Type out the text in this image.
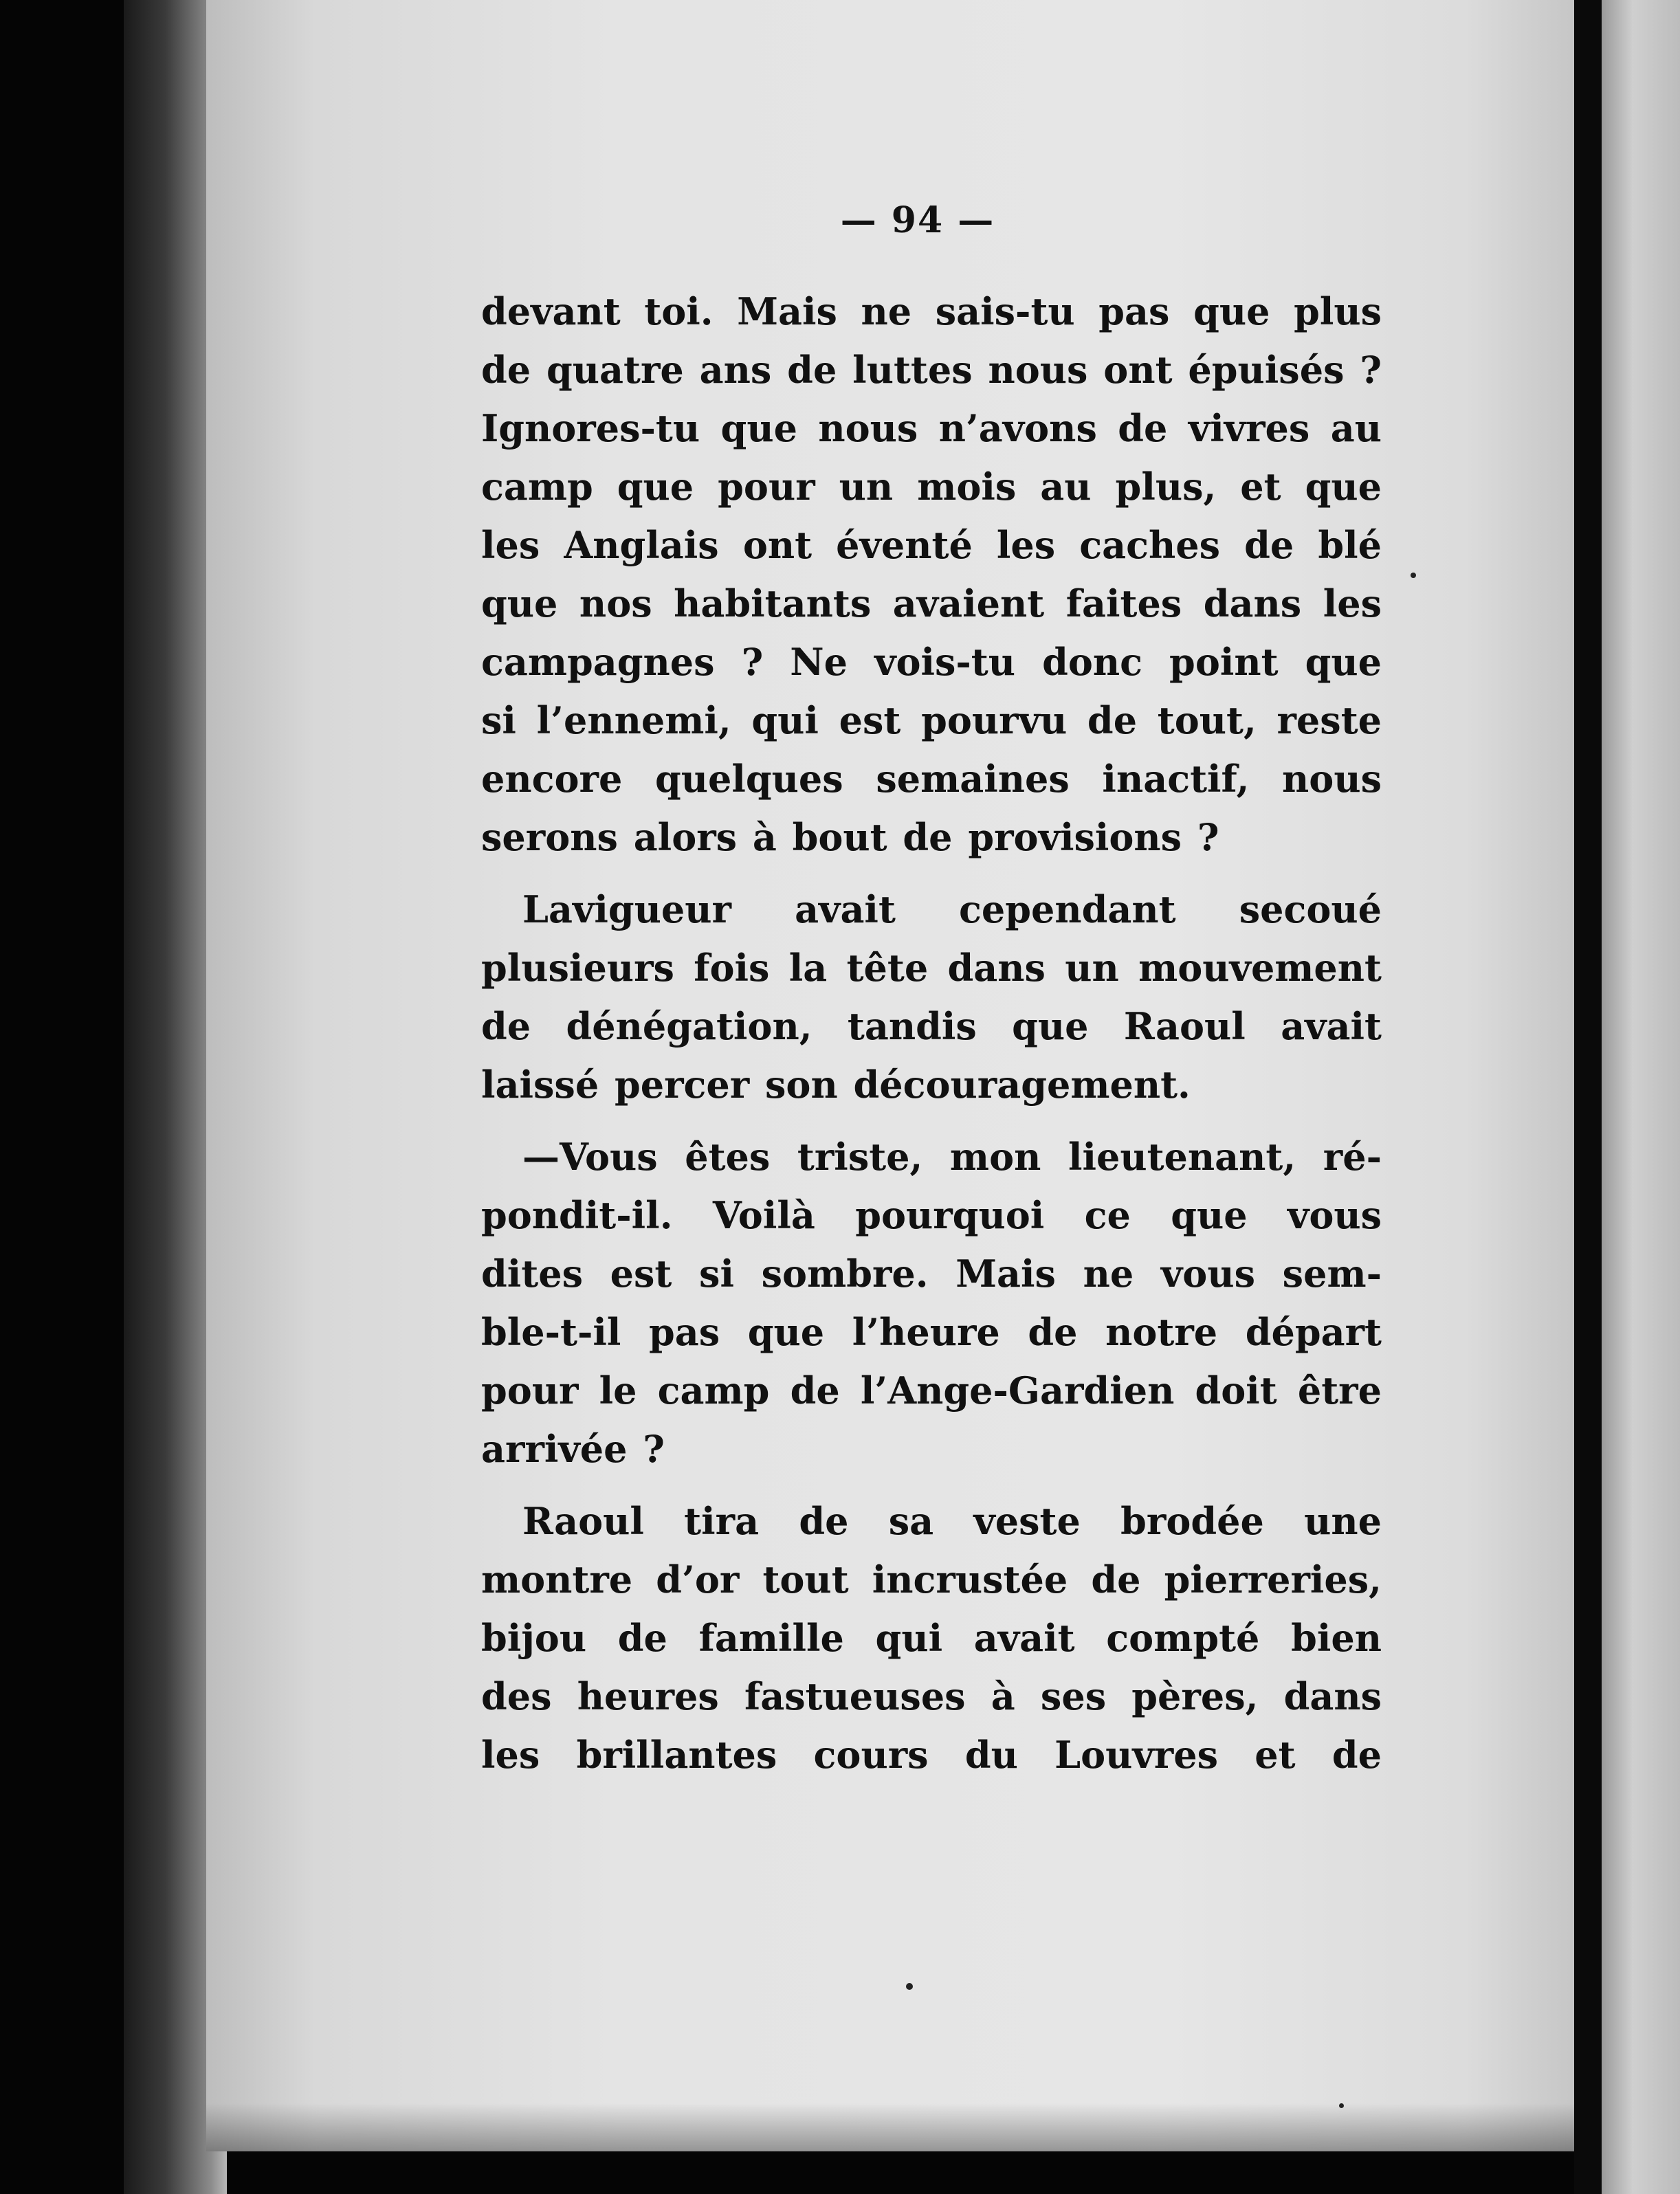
— 94 —

devant toi. Mais ne sais-tu pas que plus
de quatre ans de luttes nous ont épuisés ?
Ignores-tu que nous n’avons de vivres au
camp que pour un mois au plus, et que
les Anglais ont éventé les caches de blé
que nos habitants avaient faites dans les
campagnes ? Ne vois-tu donc point que
si l’ennemi, qui est pourvu de tout, reste
encore quelques semaines inactif, nous
serons alors à bout de provisions ?

Lavigueur avait cependant secoué
plusieurs fois la tête dans un mouvement
de dénégation, tandis que Raoul avait
laissé percer son découragement.

—Vous êtes triste, mon lieutenant, ré-
pondit-il. Voilà pourquoi ce que vous
dites est si sombre. Mais ne vous sem-
ble-t-il pas que l’heure de notre départ
pour le camp de l’Ange-Gardien doit être
arrivée ?

Raoul tira de sa veste brodée une
montre d’or tout incrustée de pierreries,
bijou de famille qui avait compté bien
des heures fastueuses à ses pères, dans
les brillantes cours du Louvres et de
